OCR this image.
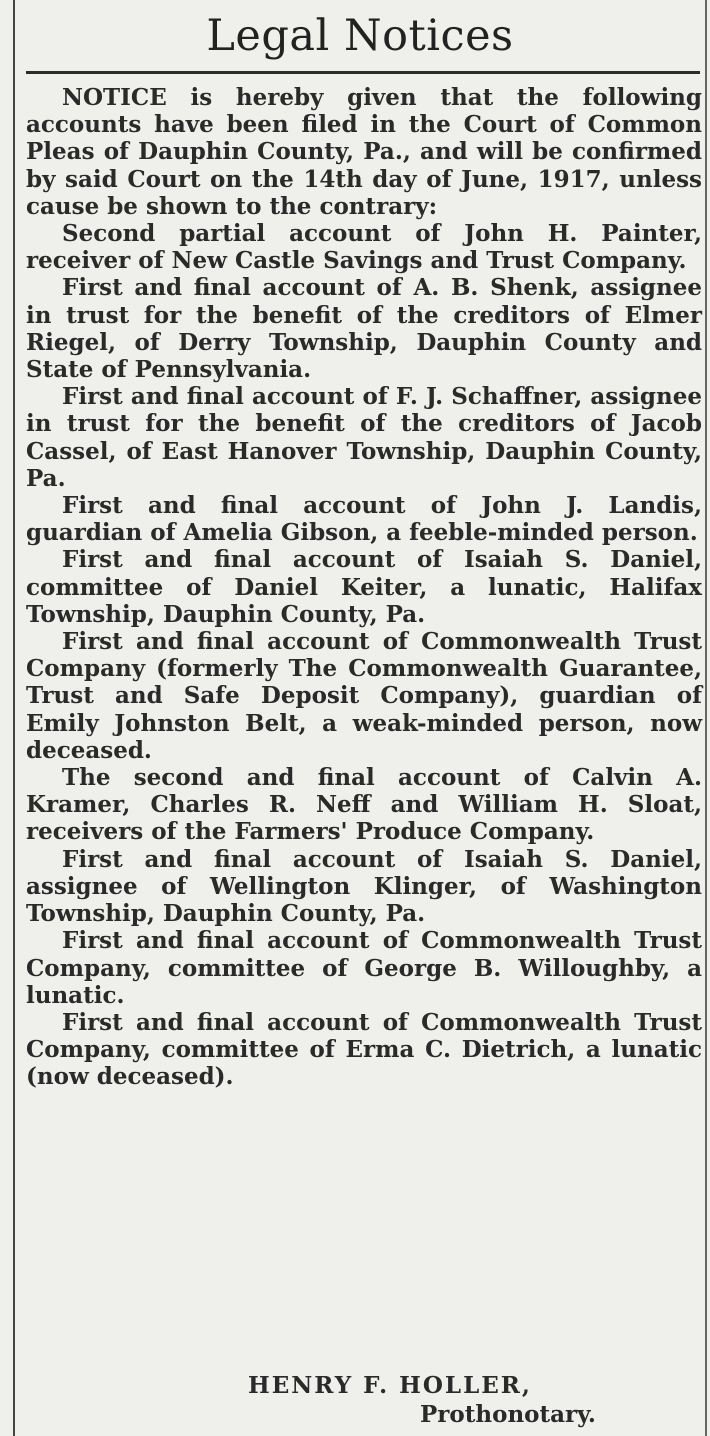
Legal Notices

NOTICE is hereby given that the following accounts have been filed in the Court of Common Pleas of Dauphin County, Pa., and will be confirmed by said Court on the 14th day of June, 1917, unless cause be shown to the contrary:

Second partial account of John H. Painter, receiver of New Castle Savings and Trust Company.

First and final account of A. B. Shenk, assignee in trust for the benefit of the creditors of Elmer Riegel, of Derry Township, Dauphin County and State of Pennsylvania.

First and final account of F. J. Schaffner, assignee in trust for the benefit of the creditors of Jacob Cassel, of East Hanover Township, Dauphin County, Pa.

First and final account of John J. Landis, guardian of Amelia Gibson, a feeble-minded person.

First and final account of Isaiah S. Daniel, committee of Daniel Keiter, a lunatic, Halifax Township, Dauphin County, Pa.

First and final account of Commonwealth Trust Company (formerly The Commonwealth Guarantee, Trust and Safe Deposit Company), guardian of Emily Johnston Belt, a weak-minded person, now deceased.

The second and final account of Calvin A. Kramer, Charles R. Neff and William H. Sloat, receivers of the Farmers' Produce Company.

First and final account of Isaiah S. Daniel, assignee of Wellington Klinger, of Washington Township, Dauphin County, Pa.

First and final account of Commonwealth Trust Company, committee of George B. Willoughby, a lunatic.

First and final account of Commonwealth Trust Company, committee of Erma C. Dietrich, a lunatic (now deceased).

HENRY F. HOLLER,
Prothonotary.
